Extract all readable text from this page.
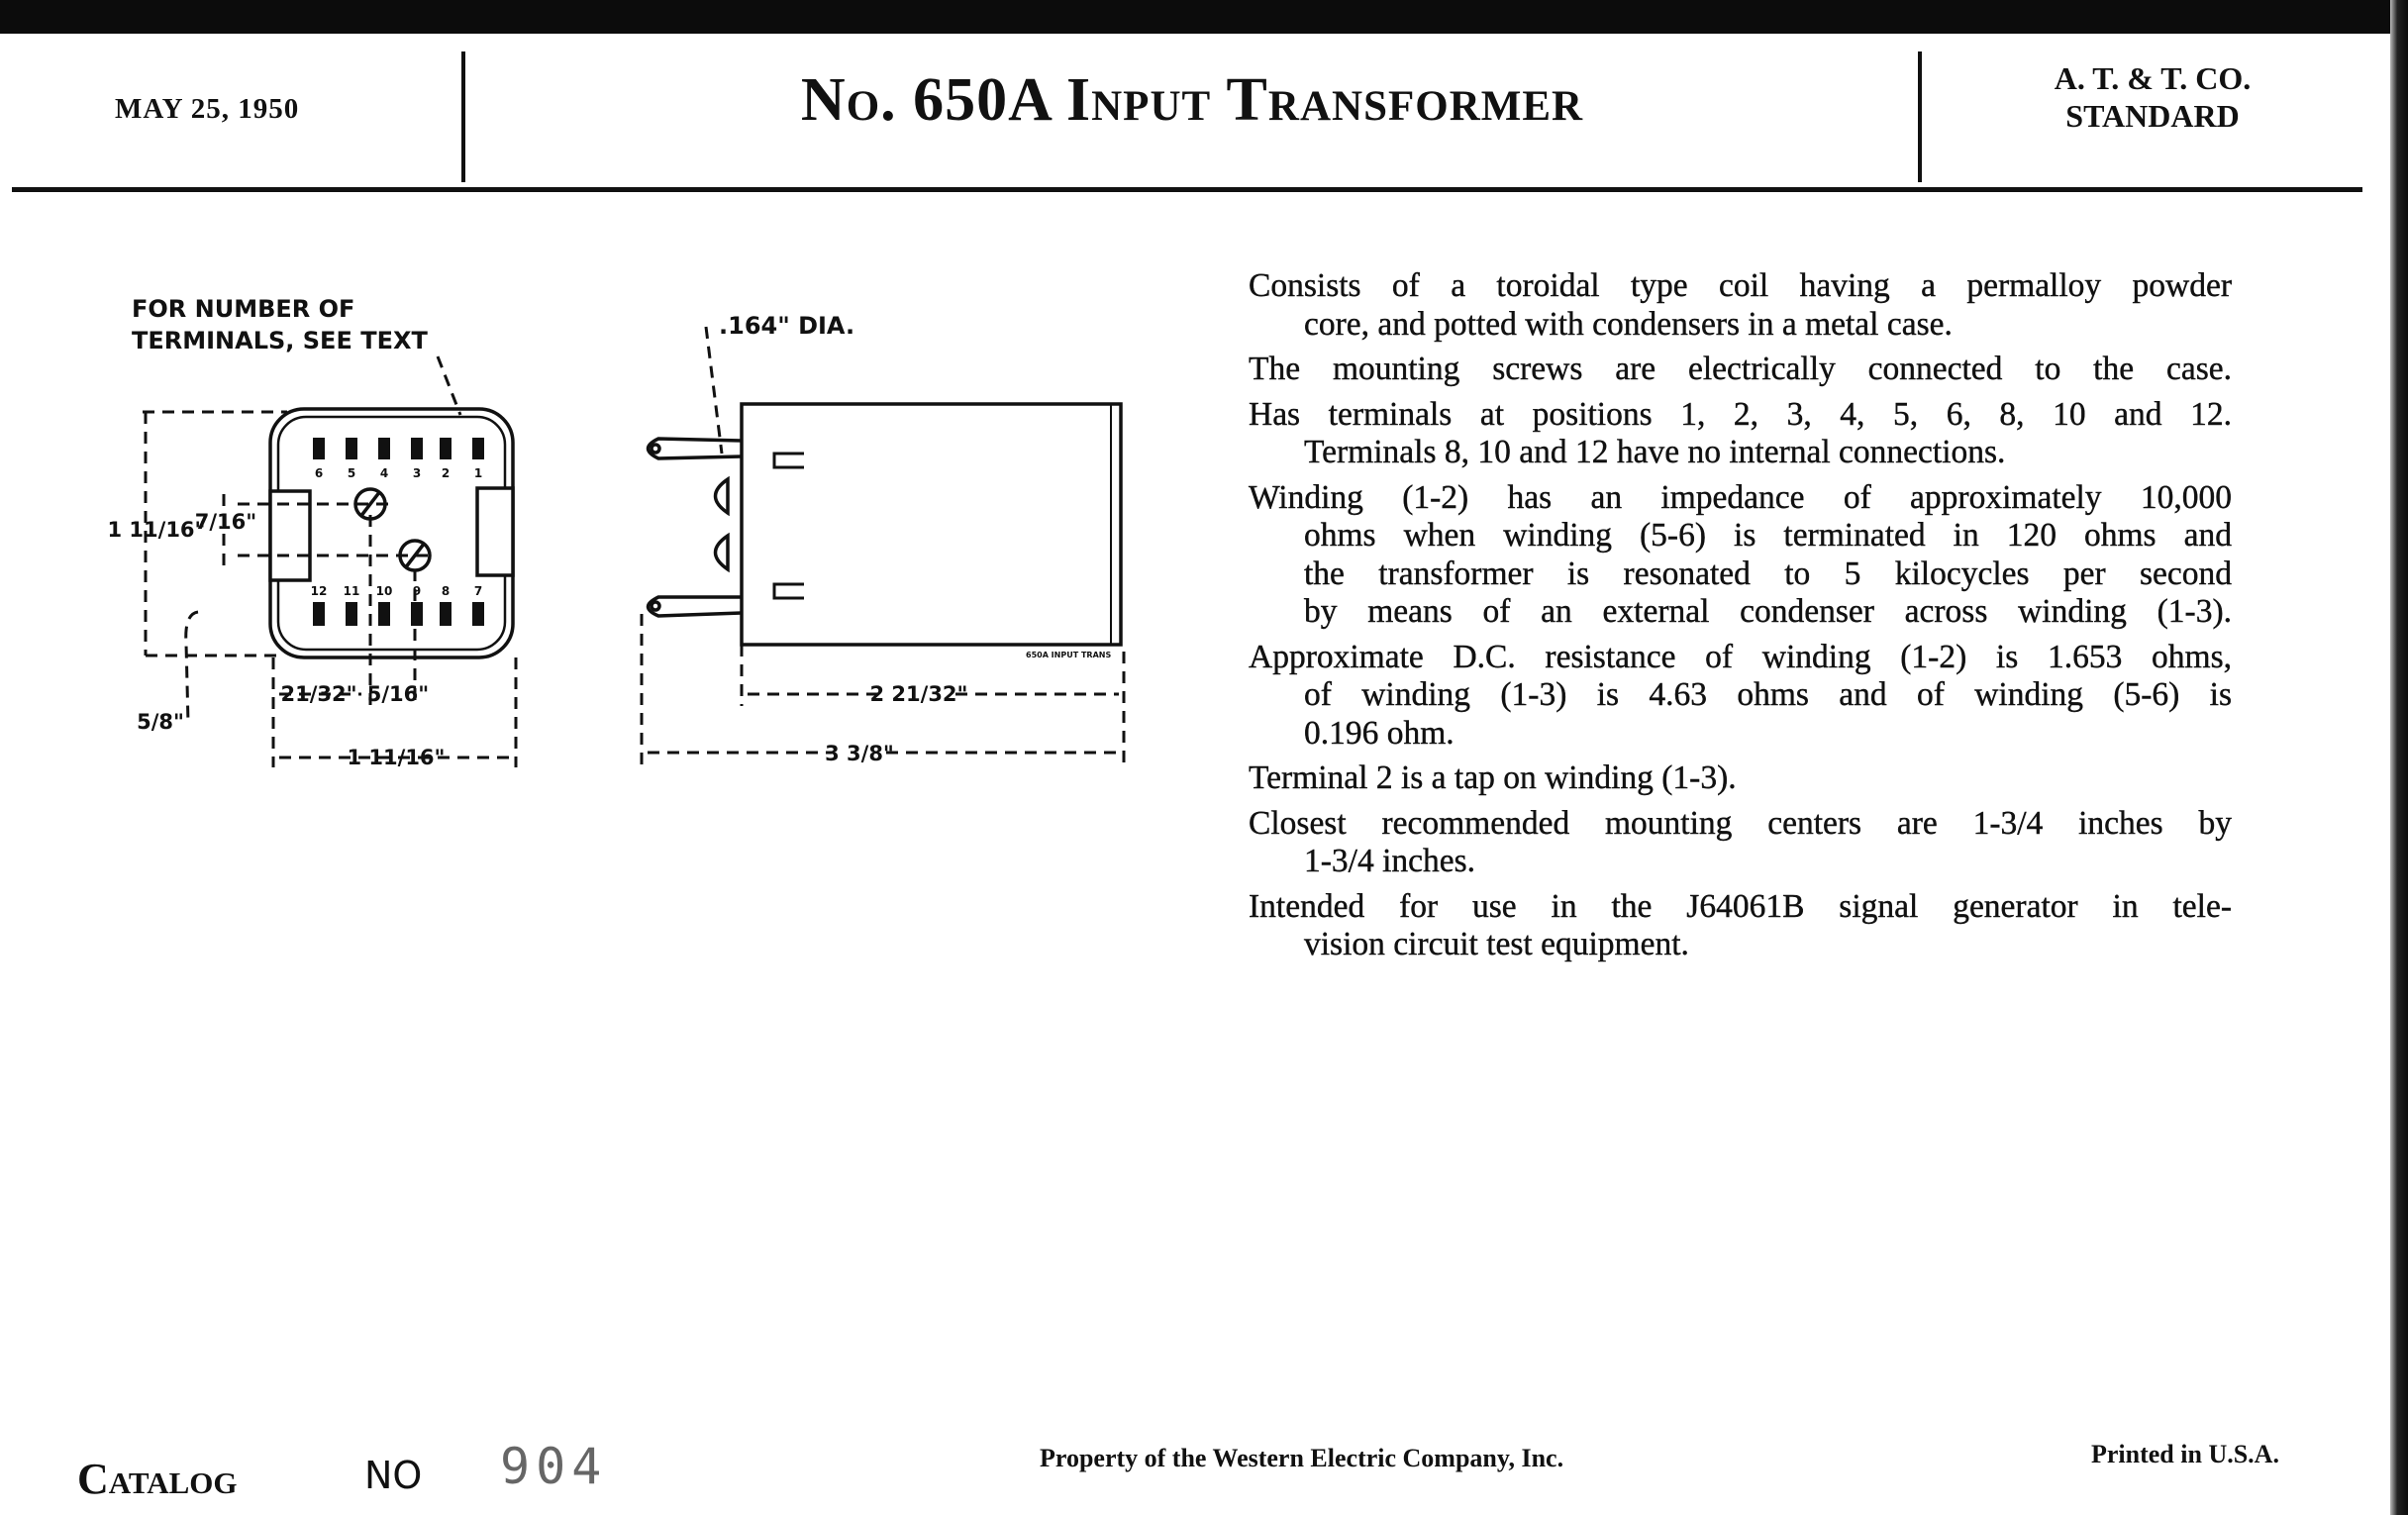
MAY 25, 1950	No. 650A Input Transformer	A. T. & T. CO.
STANDARD
6 5 4 3 2 1
12 11 10 9 8 7
FOR NUMBER OF
TERMINALS, SEE TEXT
.164" DIA.
1 11/16"
7/16"
5/8"
21/32" 5/16"
1 11/16"
2 21/32"
3 3/8"
650A INPUT TRANS
Consists of a toroidal type coil having a permalloy powder
core, and potted with condensers in a metal case.
The mounting screws are electrically connected to the case.
Has terminals at positions 1, 2, 3, 4, 5, 6, 8, 10 and 12.
Terminals 8, 10 and 12 have no internal connections.
Winding (1-2) has an impedance of approximately 10,000
ohms when winding (5-6) is terminated in 120 ohms and
the transformer is resonated to 5 kilocycles per second
by means of an external condenser across winding (1-3).
Approximate D.C. resistance of winding (1-2) is 1.653 ohms,
of winding (1-3) is 4.63 ohms and of winding (5-6) is
0.196 ohm.
Terminal 2 is a tap on winding (1-3).
Closest recommended mounting centers are 1-3/4 inches by
1-3/4 inches.
Intended for use in the J64061B signal generator in tele-
vision circuit test equipment.
Catalog	NO 904	Property of the Western Electric Company, Inc.	Printed in U.S.A.
